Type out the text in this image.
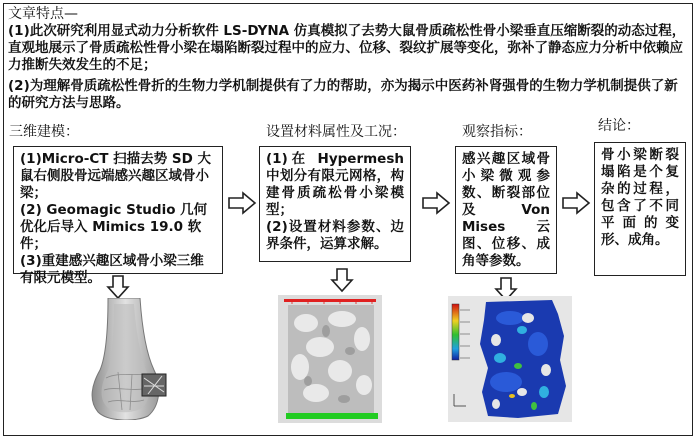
文章特点—
(1)此次研究利用显式动力分析软件 LS-DYNA 仿真模拟了去势大鼠骨质疏松性骨小梁垂直压缩断裂的动态过程，直观地展示了骨质疏松性骨小梁在塌陷断裂过程中的应力、位移、裂纹扩展等变化，弥补了静态应力分析中依赖应力推断失效发生的不足；
(2)为理解骨质疏松性骨折的生物力学机制提供有了力的帮助，亦为揭示中医药补肾强骨的生物力学机制提供了新的研究方法与思路。
三维建模：	设置材料属性及工况：	观察指标：	结论：

(1)Micro-CT 扫描去势 SD 大鼠右侧股骨远端感兴趣区域骨小梁；

(2) Geomagic Studio 几何优化后导入 Mimics 19.0 软件；

(3)重建感兴趣区域骨小梁三维有限元模型。

(1)在 Hypermesh 中划分有限元网格，构建骨质疏松骨小梁模型；

(2)设置材料参数、边界条件，运算求解。

感兴趣区域骨小梁微观参数、断裂部位及 Von Mises 云图、位移、成角等参数。

骨小梁断裂塌陷是个复杂的过程，包含了不同平面的变形、成角。
